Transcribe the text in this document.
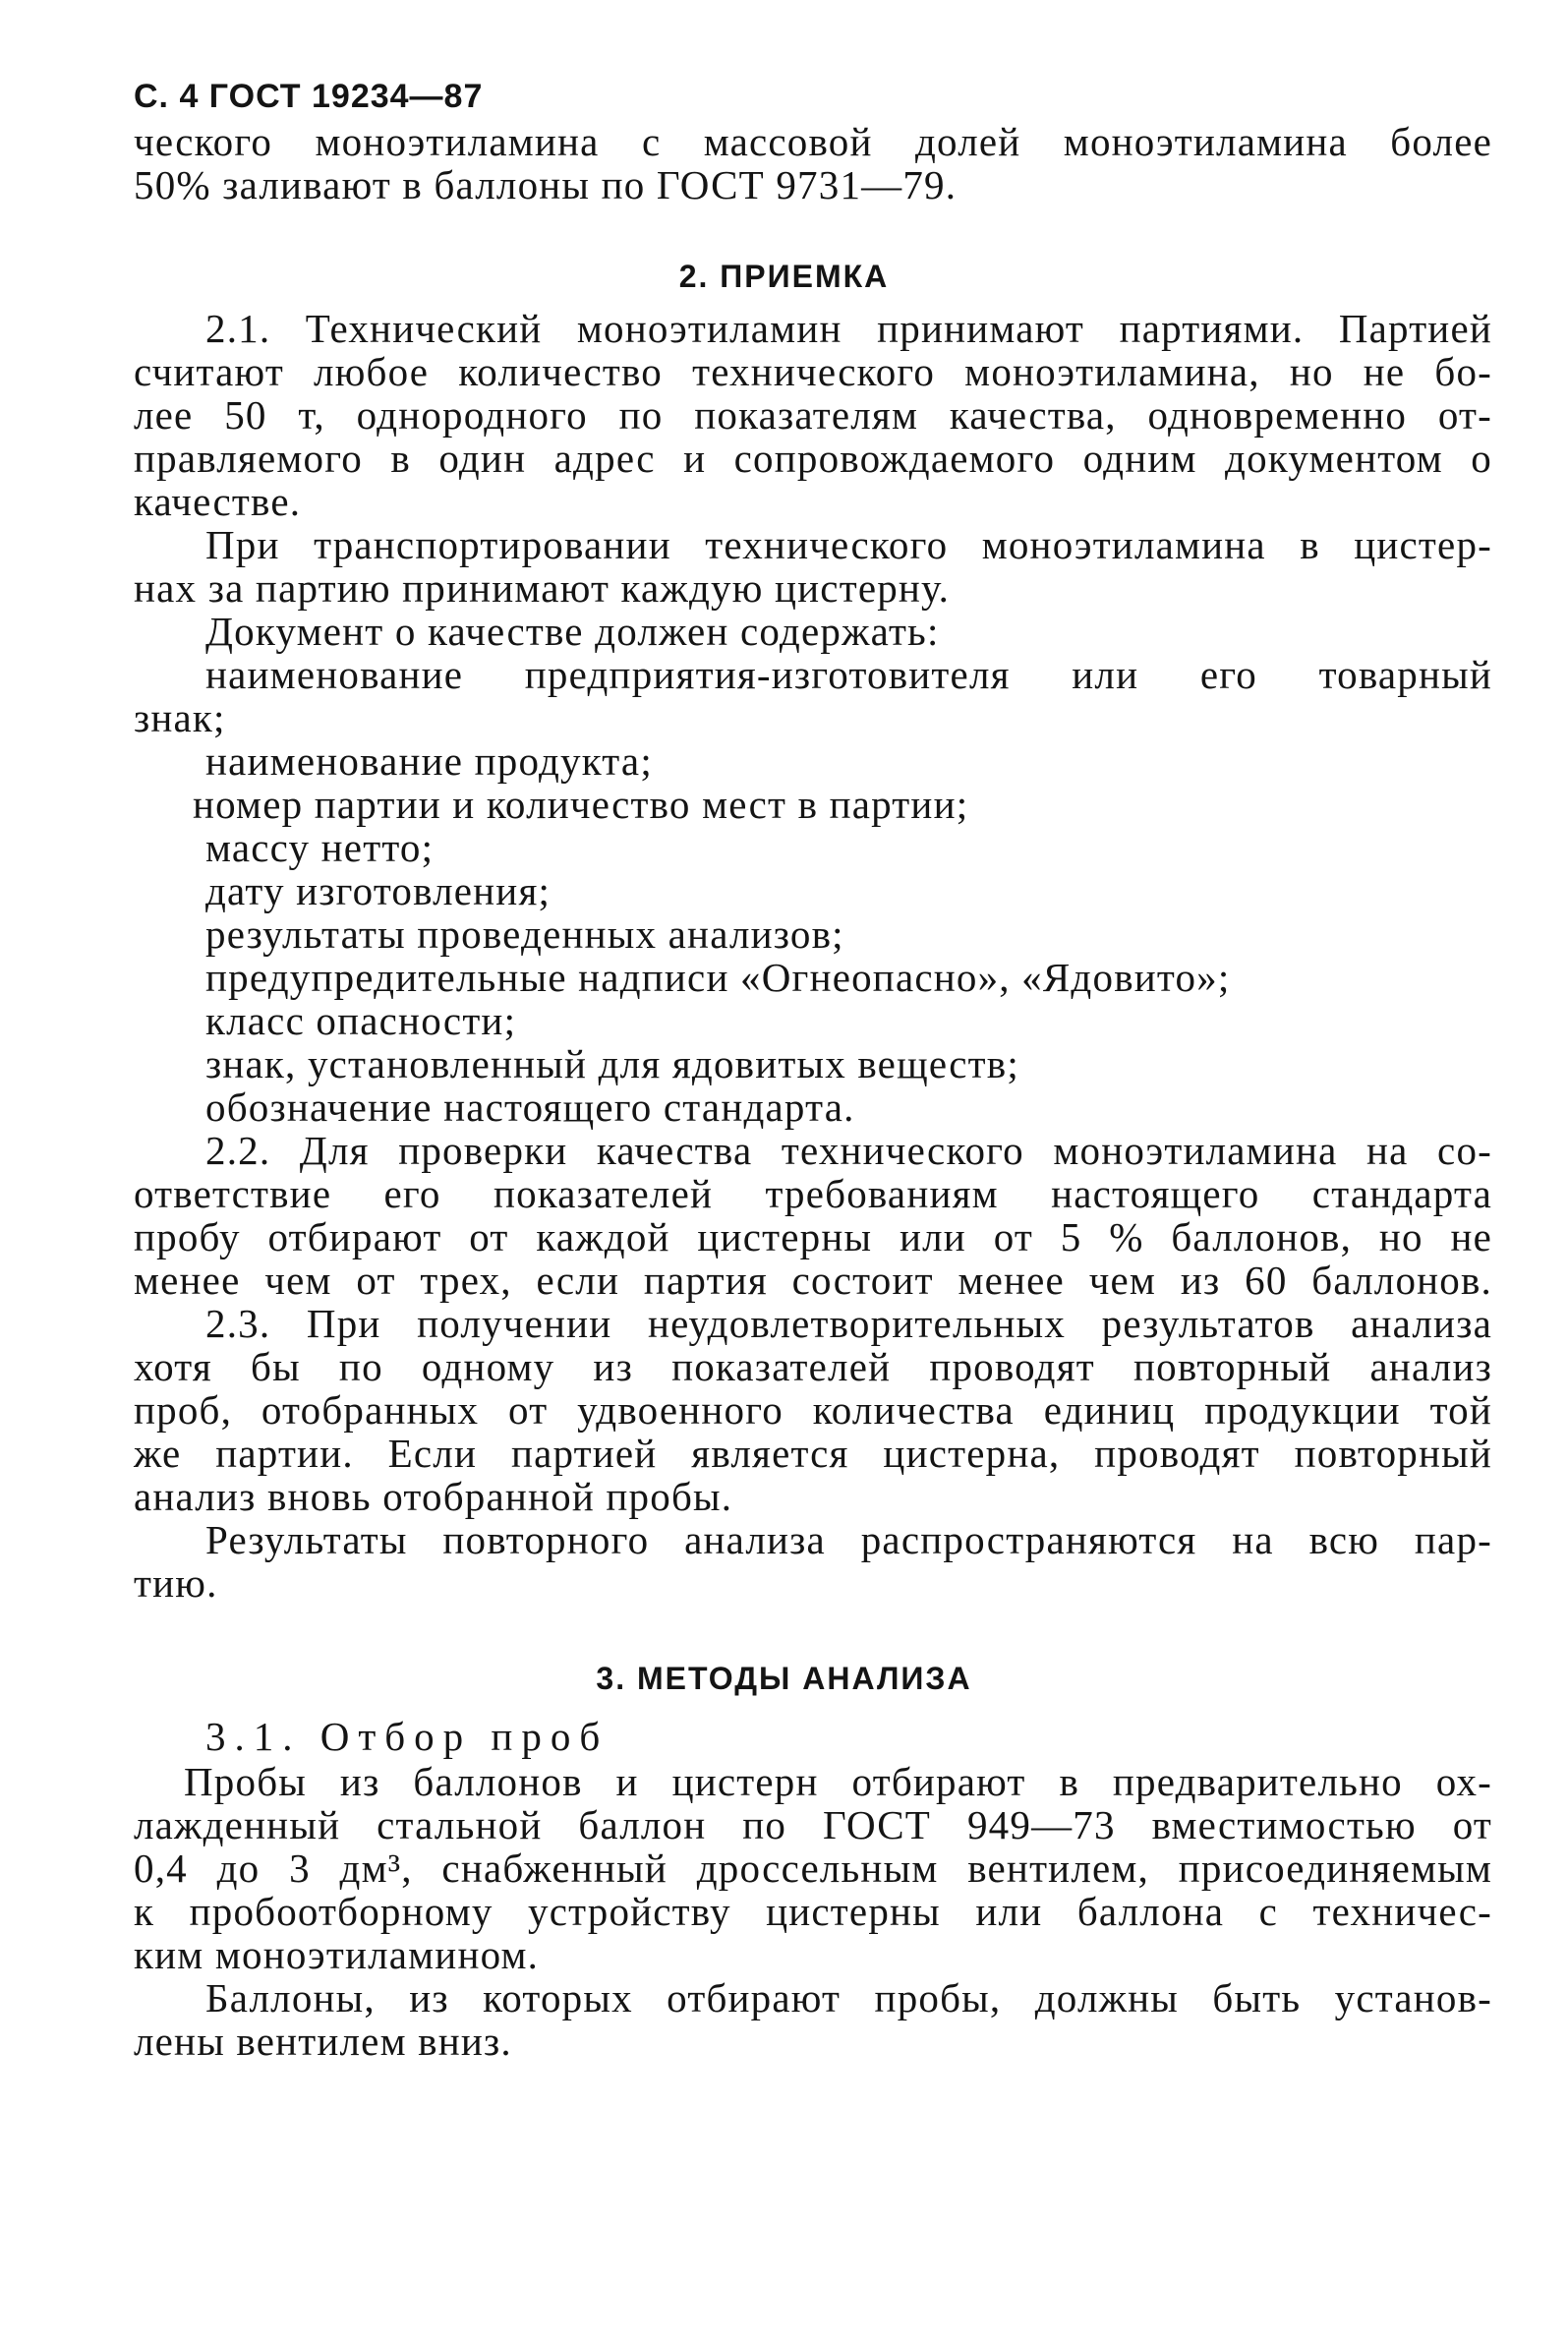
С. 4 ГОСТ 19234—87
ческого моноэтиламина с массовой долей моноэтиламина более
50% заливают в баллоны по ГОСТ 9731—79.
2. ПРИЕМКА
2.1. Технический моноэтиламин принимают партиями. Партией
считают любое количество технического моноэтиламина, но не бо-
лее 50 т, однородного по показателям качества, одновременно от-
правляемого в один адрес и сопровождаемого одним документом о
качестве.
При транспортировании технического моноэтиламина в цистер-
нах за партию принимают каждую цистерну.
Документ о качестве должен содержать:
наименование предприятия-изготовителя или его товарный
знак;
наименование продукта;
номер партии и количество мест в партии;
массу нетто;
дату изготовления;
результаты проведенных анализов;
предупредительные надписи «Огнеопасно», «Ядовито»;
класс опасности;
знак, установленный для ядовитых веществ;
обозначение настоящего стандарта.
2.2. Для проверки качества технического моноэтиламина на со-
ответствие его показателей требованиям настоящего стандарта
пробу отбирают от каждой цистерны или от 5 % баллонов, но не
менее чем от трех, если партия состоит менее чем из 60 баллонов.
2.3. При получении неудовлетворительных результатов анализа
хотя бы по одному из показателей проводят повторный анализ
проб, отобранных от удвоенного количества единиц продукции той
же партии. Если партией является цистерна, проводят повторный
анализ вновь отобранной пробы.
Результаты повторного анализа распространяются на всю пар-
тию.
3. МЕТОДЫ АНАЛИЗА
3.1. Отбор проб
Пробы из баллонов и цистерн отбирают в предварительно ох-
лажденный стальной баллон по ГОСТ 949—73 вместимостью от
0,4 до 3 дм³, снабженный дроссельным вентилем, присоединяемым
к пробоотборному устройству цистерны или баллона с техничес-
ким моноэтиламином.
Баллоны, из которых отбирают пробы, должны быть установ-
лены вентилем вниз.
